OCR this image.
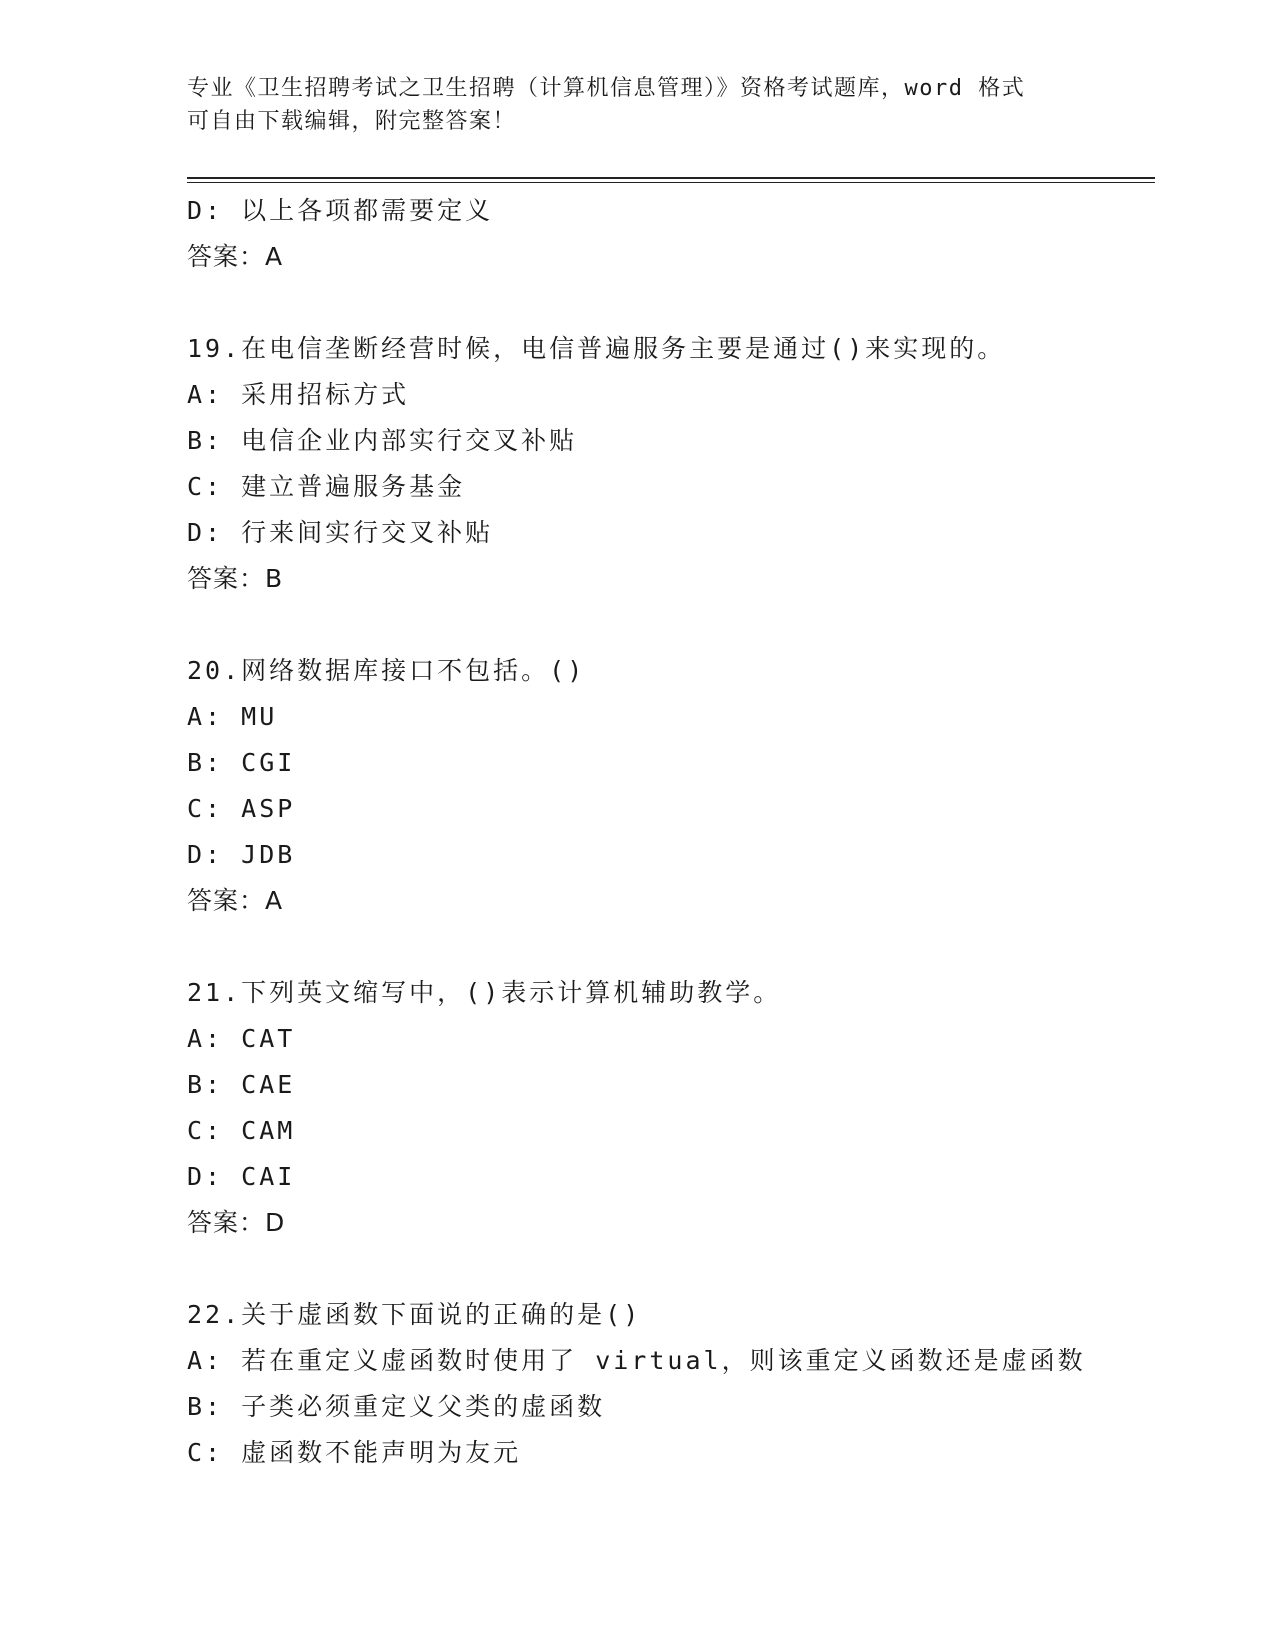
专业《卫生招聘考试之卫生招聘（计算机信息管理）》资格考试题库，word 格式
可自由下载编辑，附完整答案！
D: 以上各项都需要定义
答案：A
19.在电信垄断经营时候，电信普遍服务主要是通过()来实现的。
A: 采用招标方式
B: 电信企业内部实行交叉补贴
C: 建立普遍服务基金
D: 行来间实行交叉补贴
答案：B
20.网络数据库接口不包括。()
A: MU
B: CGI
C: ASP
D: JDB
答案：A
21.下列英文缩写中，()表示计算机辅助教学。
A: CAT
B: CAE
C: CAM
D: CAI
答案：D
22.关于虚函数下面说的正确的是()
A: 若在重定义虚函数时使用了 virtual，则该重定义函数还是虚函数
B: 子类必须重定义父类的虚函数
C: 虚函数不能声明为友元
